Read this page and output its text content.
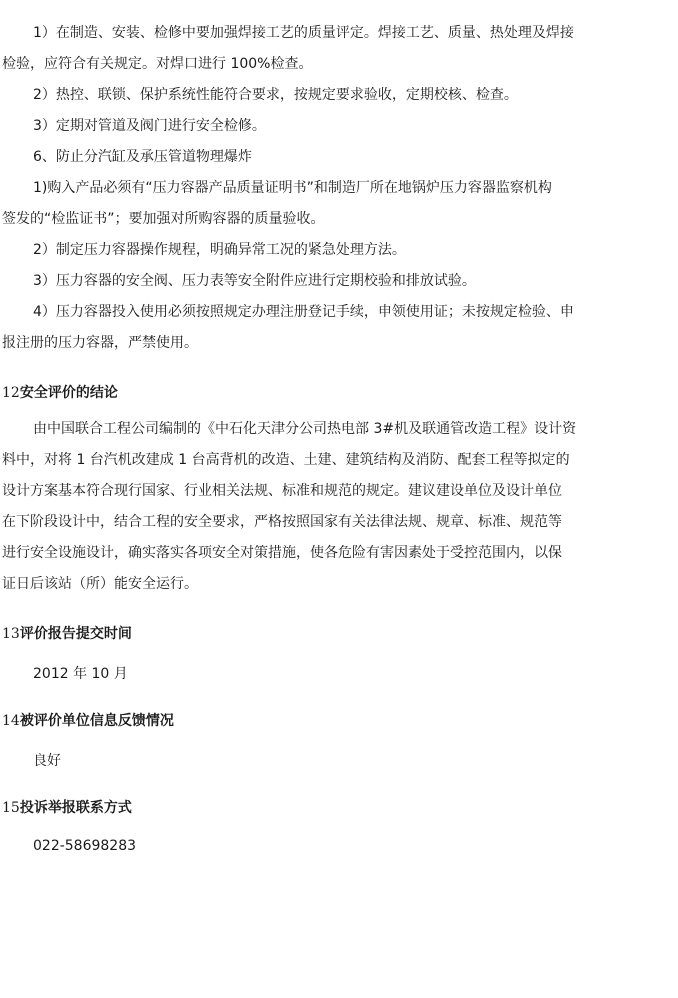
1）在制造、安装、检修中要加强焊接工艺的质量评定。焊接工艺、质量、热处理及焊接

检验，应符合有关规定。对焊口进行 100%检查。

2）热控、联锁、保护系统性能符合要求，按规定要求验收，定期校核、检查。

3）定期对管道及阀门进行安全检修。

6、防止分汽缸及承压管道物理爆炸

1)购入产品必须有“压力容器产品质量证明书”和制造厂所在地锅炉压力容器监察机构

签发的“检监证书”；要加强对所购容器的质量验收。

2）制定压力容器操作规程，明确异常工况的紧急处理方法。

3）压力容器的安全阀、压力表等安全附件应进行定期校验和排放试验。

4）压力容器投入使用必须按照规定办理注册登记手续，申领使用证；未按规定检验、申

报注册的压力容器，严禁使用。

12安全评价的结论

由中国联合工程公司编制的《中石化天津分公司热电部 3#机及联通管改造工程》设计资

料中，对将 1 台汽机改建成 1 台高背机的改造、土建、建筑结构及消防、配套工程等拟定的

设计方案基本符合现行国家、行业相关法规、标准和规范的规定。建议建设单位及设计单位

在下阶段设计中，结合工程的安全要求，严格按照国家有关法律法规、规章、标准、规范等

进行安全设施设计，确实落实各项安全对策措施，使各危险有害因素处于受控范围内，以保

证日后该站（所）能安全运行。

13评价报告提交时间
2012 年 10 月
14被评价单位信息反馈情况
良好
15投诉举报联系方式
022-58698283
